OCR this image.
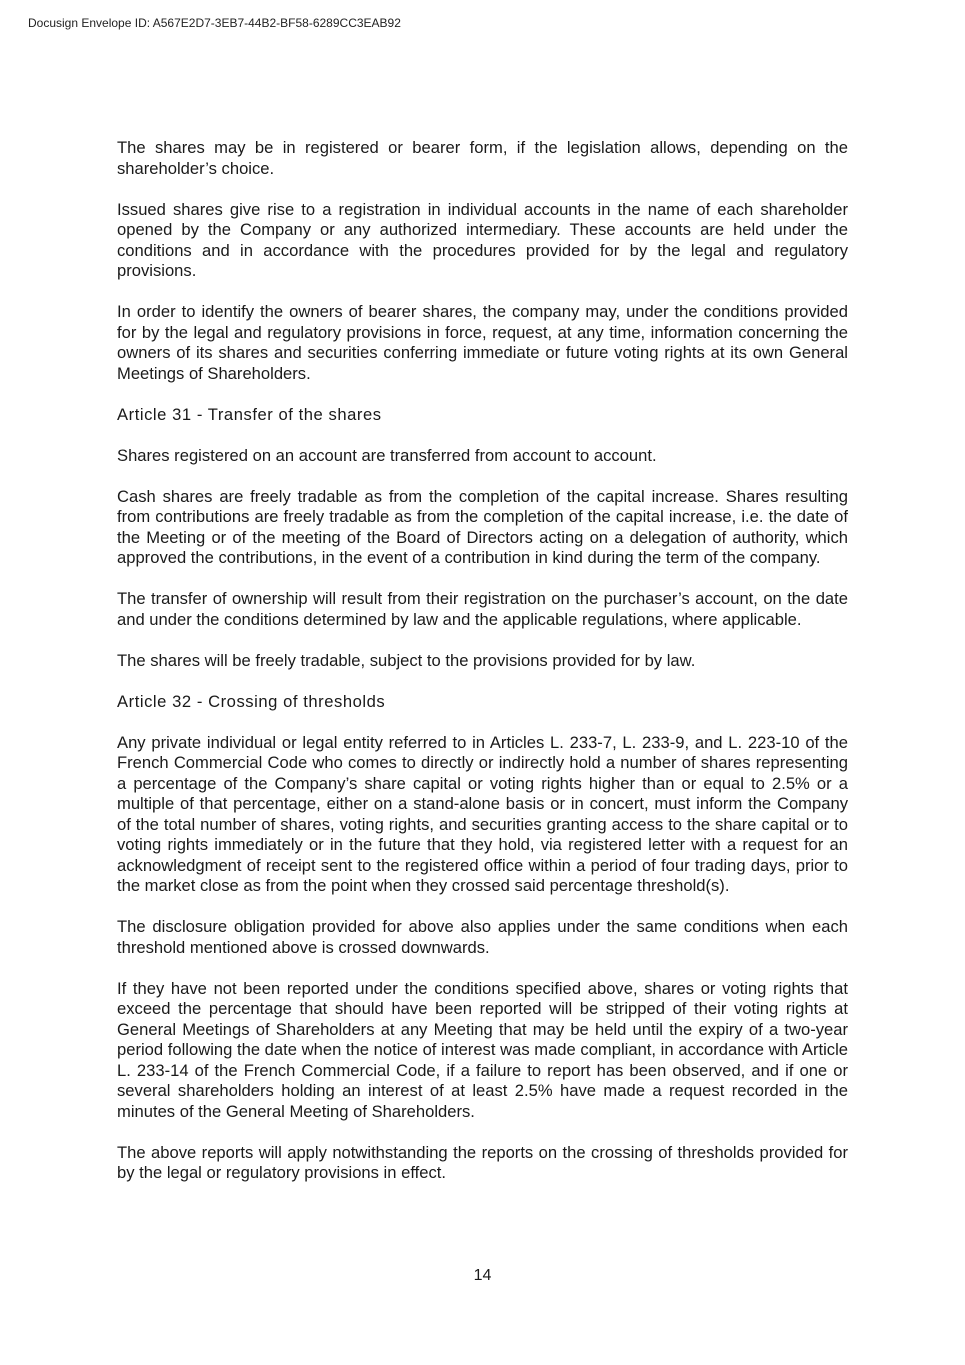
Docusign Envelope ID: A567E2D7-3EB7-44B2-BF58-6289CC3EAB92

The shares may be in registered or bearer form, if the legislation allows, depending on the shareholder’s choice.

Issued shares give rise to a registration in individual accounts in the name of each shareholder opened by the Company or any authorized intermediary. These accounts are held under the conditions and in accordance with the procedures provided for by the legal and regulatory provisions.

In order to identify the owners of bearer shares, the company may, under the conditions provided for by the legal and regulatory provisions in force, request, at any time, information concerning the owners of its shares and securities conferring immediate or future voting rights at its own General Meetings of Shareholders.

Article 31 - Transfer of the shares

Shares registered on an account are transferred from account to account.

Cash shares are freely tradable as from the completion of the capital increase. Shares resulting from contributions are freely tradable as from the completion of the capital increase, i.e. the date of the Meeting or of the meeting of the Board of Directors acting on a delegation of authority, which approved the contributions, in the event of a contribution in kind during the term of the company.

The transfer of ownership will result from their registration on the purchaser’s account, on the date and under the conditions determined by law and the applicable regulations, where applicable.

The shares will be freely tradable, subject to the provisions provided for by law.

Article 32 - Crossing of thresholds

Any private individual or legal entity referred to in Articles L. 233-7, L. 233-9, and L. 223-10 of the French Commercial Code who comes to directly or indirectly hold a number of shares representing a percentage of the Company’s share capital or voting rights higher than or equal to 2.5% or a multiple of that percentage, either on a stand-alone basis or in concert, must inform the Company of the total number of shares, voting rights, and securities granting access to the share capital or to voting rights immediately or in the future that they hold, via registered letter with a request for an acknowledgment of receipt sent to the registered office within a period of four trading days, prior to the market close as from the point when they crossed said percentage threshold(s).

The disclosure obligation provided for above also applies under the same conditions when each threshold mentioned above is crossed downwards.

If they have not been reported under the conditions specified above, shares or voting rights that exceed the percentage that should have been reported will be stripped of their voting rights at General Meetings of Shareholders at any Meeting that may be held until the expiry of a two-year period following the date when the notice of interest was made compliant, in accordance with Article L. 233-14 of the French Commercial Code, if a failure to report has been observed, and if one or several shareholders holding an interest of at least 2.5% have made a request recorded in the minutes of the General Meeting of Shareholders.

The above reports will apply notwithstanding the reports on the crossing of thresholds provided for by the legal or regulatory provisions in effect.

14
